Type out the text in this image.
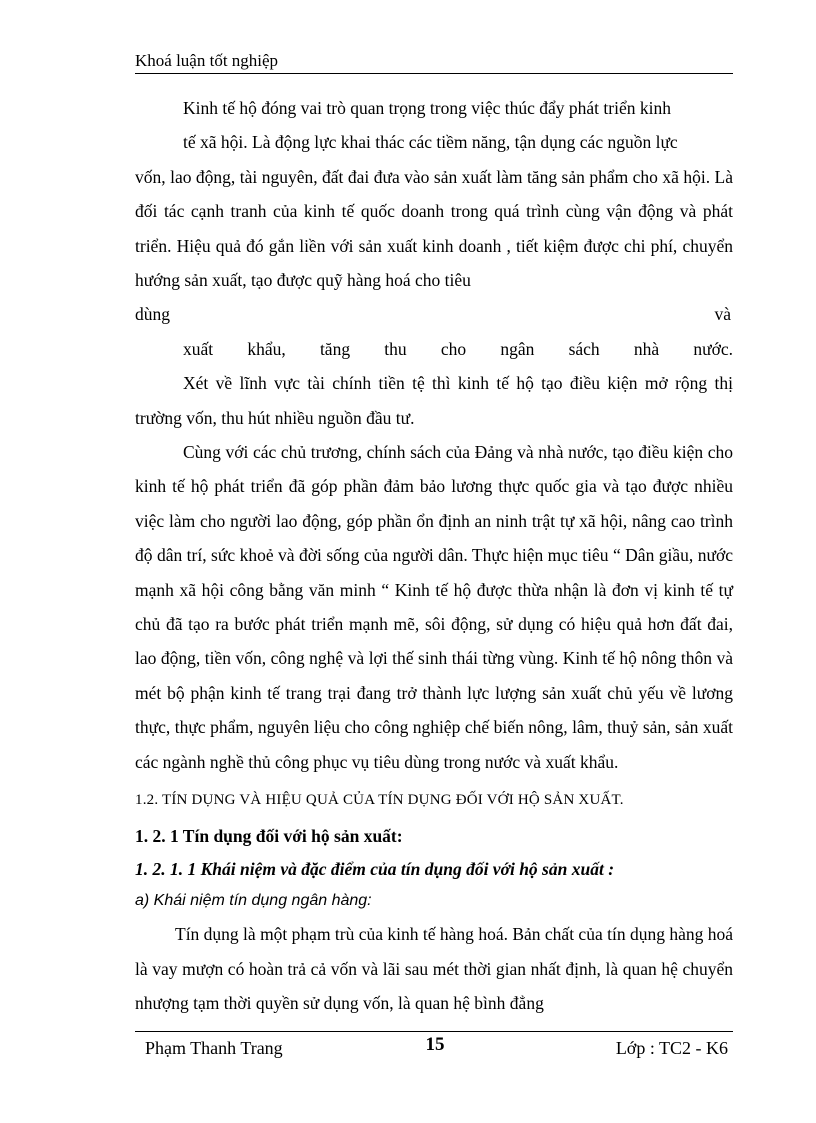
Khoá luận tốt nghiệp

Kinh tế hộ đóng vai trò quan trọng trong việc thúc đẩy phát triển kinh

tế xã hội. Là động lực khai thác các tiềm năng, tận dụng các nguồn lực

vốn, lao động, tài nguyên, đất đai đưa vào sản xuất làm tăng sản phẩm cho xã hội. Là đối tác cạnh tranh của kinh tế quốc doanh trong quá trình cùng vận động và phát triển. Hiệu quả đó gắn liền với sản xuất kinh doanh , tiết kiệm được chi phí, chuyển hướng sản xuất, tạo được quỹ hàng hoá cho tiêu

dùng	và

xuất khẩu, tăng thu cho ngân sách nhà nước.

Xét về lĩnh vực tài chính tiền tệ thì kinh tế hộ tạo điều kiện mở rộng thị trường vốn, thu hút nhiều nguồn đầu tư.

Cùng với các chủ trương, chính sách của Đảng và nhà nước, tạo điều kiện cho kinh tế hộ phát triển đã góp phần đảm bảo lương thực quốc gia và tạo được nhiều việc làm cho người lao động, góp phần ổn định an ninh trật tự xã hội, nâng cao trình độ dân trí, sức khoẻ và đời sống của người dân. Thực hiện mục tiêu “ Dân giầu, nước mạnh xã hội công bằng văn minh “ Kinh tế hộ được thừa nhận là đơn vị kinh tế tự chủ đã tạo ra bước phát triển mạnh mẽ, sôi động, sử dụng có hiệu quả hơn đất đai, lao động, tiền vốn, công nghệ và lợi thế sinh thái từng vùng. Kinh tế hộ nông thôn và mét bộ phận kinh tế trang trại đang trở thành lực lượng sản xuất chủ yếu về lương thực, thực phẩm, nguyên liệu cho công nghiệp chế biến nông, lâm, thuỷ sản, sản xuất các ngành nghề thủ công phục vụ tiêu dùng trong nước và xuất khẩu.

1.2. TÍN DỤNG VÀ HIỆU QUẢ CỦA TÍN DỤNG ĐỐI VỚI HỘ SẢN XUẤT.

1. 2. 1 Tín dụng đối với hộ sản xuất:

1. 2. 1. 1 Khái niệm và đặc điểm của tín dụng đối với hộ sản xuất :

a) Khái niệm tín dụng ngân hàng:

Tín dụng là một phạm trù của kinh tế hàng hoá. Bản chất của tín dụng hàng hoá là vay mượn có hoàn trả cả vốn và lãi sau mét thời gian nhất định, là quan hệ chuyển nhượng tạm thời quyền sử dụng vốn, là quan hệ bình đẳng

Phạm Thanh Trang	15	Lớp : TC2 - K6
